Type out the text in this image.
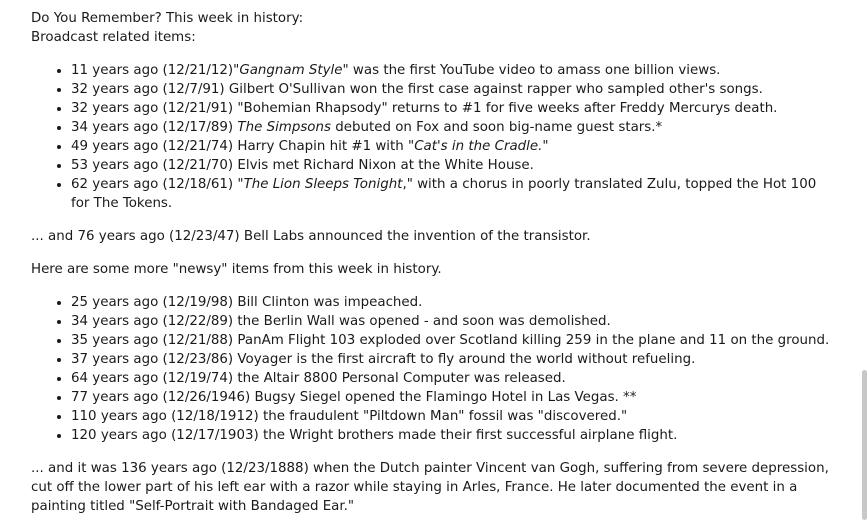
Do You Remember? This week in history:

Broadcast related items:

• 11 years ago (12/21/12)"Gangnam Style" was the first YouTube video to amass one billion views.
• 32 years ago (12/7/91) Gilbert O'Sullivan won the first case against rapper who sampled other's songs.
• 32 years ago (12/21/91) "Bohemian Rhapsody" returns to #1 for five weeks after Freddy Mercurys death.
• 34 years ago (12/17/89) The Simpsons debuted on Fox and soon big-name guest stars.*
• 49 years ago (12/21/74) Harry Chapin hit #1 with "Cat's in the Cradle."
• 53 years ago (12/21/70) Elvis met Richard Nixon at the White House.
• 62 years ago (12/18/61) "The Lion Sleeps Tonight," with a chorus in poorly translated Zulu, topped the Hot 100 for The Tokens.

... and 76 years ago (12/23/47) Bell Labs announced the invention of the transistor.

Here are some more "newsy" items from this week in history.

• 25 years ago (12/19/98) Bill Clinton was impeached.
• 34 years ago (12/22/89) the Berlin Wall was opened - and soon was demolished.
• 35 years ago (12/21/88) PanAm Flight 103 exploded over Scotland killing 259 in the plane and 11 on the ground.
• 37 years ago (12/23/86) Voyager is the first aircraft to fly around the world without refueling.
• 64 years ago (12/19/74) the Altair 8800 Personal Computer was released.
• 77 years ago (12/26/1946) Bugsy Siegel opened the Flamingo Hotel in Las Vegas. **
• 110 years ago (12/18/1912) the fraudulent "Piltdown Man" fossil was "discovered."
• 120 years ago (12/17/1903) the Wright brothers made their first successful airplane flight.

... and it was 136 years ago (12/23/1888) when the Dutch painter Vincent van Gogh, suffering from severe depression, cut off the lower part of his left ear with a razor while staying in Arles, France. He later documented the event in a painting titled "Self-Portrait with Bandaged Ear."
